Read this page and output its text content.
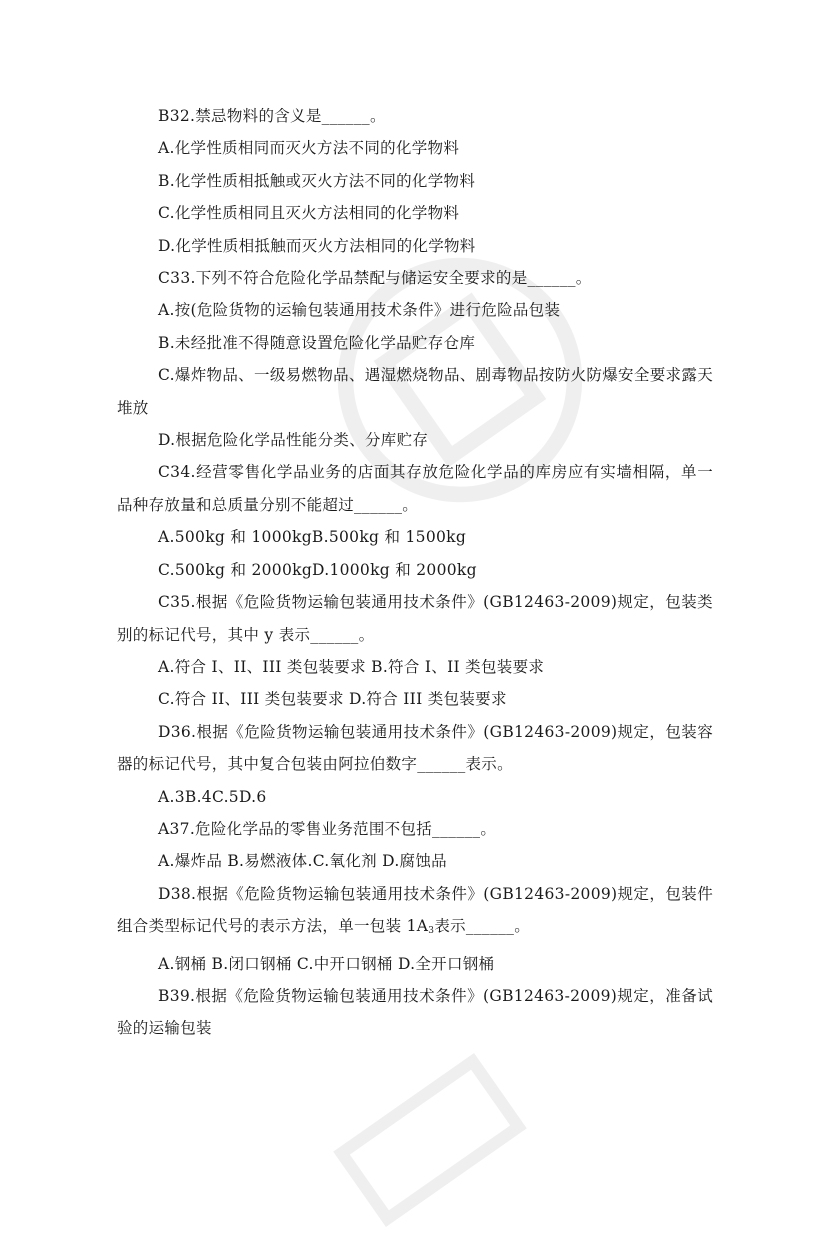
B32.禁忌物料的含义是______。
A.化学性质相同而灭火方法不同的化学物料
B.化学性质相抵触或灭火方法不同的化学物料
C.化学性质相同且灭火方法相同的化学物料
D.化学性质相抵触而灭火方法相同的化学物料
C33.下列不符合危险化学品禁配与储运安全要求的是______。
A.按(危险货物的运输包装通用技术条件》进行危险品包装
B.未经批准不得随意设置危险化学品贮存仓库
C.爆炸物品、一级易燃物品、遇湿燃烧物品、剧毒物品按防火防爆安全要求露天堆放
D.根据危险化学品性能分类、分库贮存
C34.经营零售化学品业务的店面其存放危险化学品的库房应有实墙相隔，单一品种存放量和总质量分别不能超过______。
A.500kg 和 1000kgB.500kg 和 1500kg
C.500kg 和 2000kgD.1000kg 和 2000kg
C35.根据《危险货物运输包装通用技术条件》(GB12463-2009)规定，包装类别的标记代号，其中 y 表示______。
A.符合 I、II、III 类包装要求 B.符合 I、II 类包装要求
C.符合 II、III 类包装要求 D.符合 III 类包装要求
D36.根据《危险货物运输包装通用技术条件》(GB12463-2009)规定，包装容器的标记代号，其中复合包装由阿拉伯数字______表示。
A.3B.4C.5D.6
A37.危险化学品的零售业务范围不包括______。
A.爆炸品 B.易燃液体.C.氧化剂 D.腐蚀品
D38.根据《危险货物运输包装通用技术条件》(GB12463-2009)规定，包装件组合类型标记代号的表示方法，单一包装 $1A_3$表示______。
A.钢桶 B.闭口钢桶 C.中开口钢桶 D.全开口钢桶
B39.根据《危险货物运输包装通用技术条件》(GB12463-2009)规定，准备试验的运输包装
